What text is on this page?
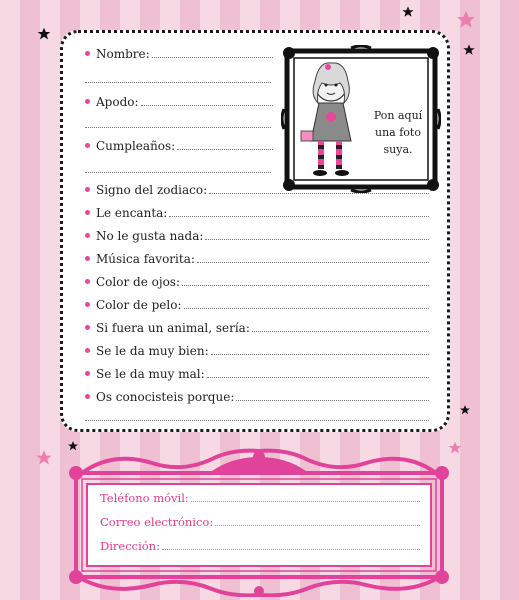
Nombre:
Apodo:
Cumpleaños:
Signo del zodiaco:
Le encanta:
No le gusta nada:
Música favorita:
Color de ojos:
Color de pelo:
Si fuera un animal, sería:
Se le da muy bien:
Se le da muy mal:
Os conocisteis porque:
Pon aquí una foto suya.
Teléfono móvil:
Correo electrónico:
Dirección:
